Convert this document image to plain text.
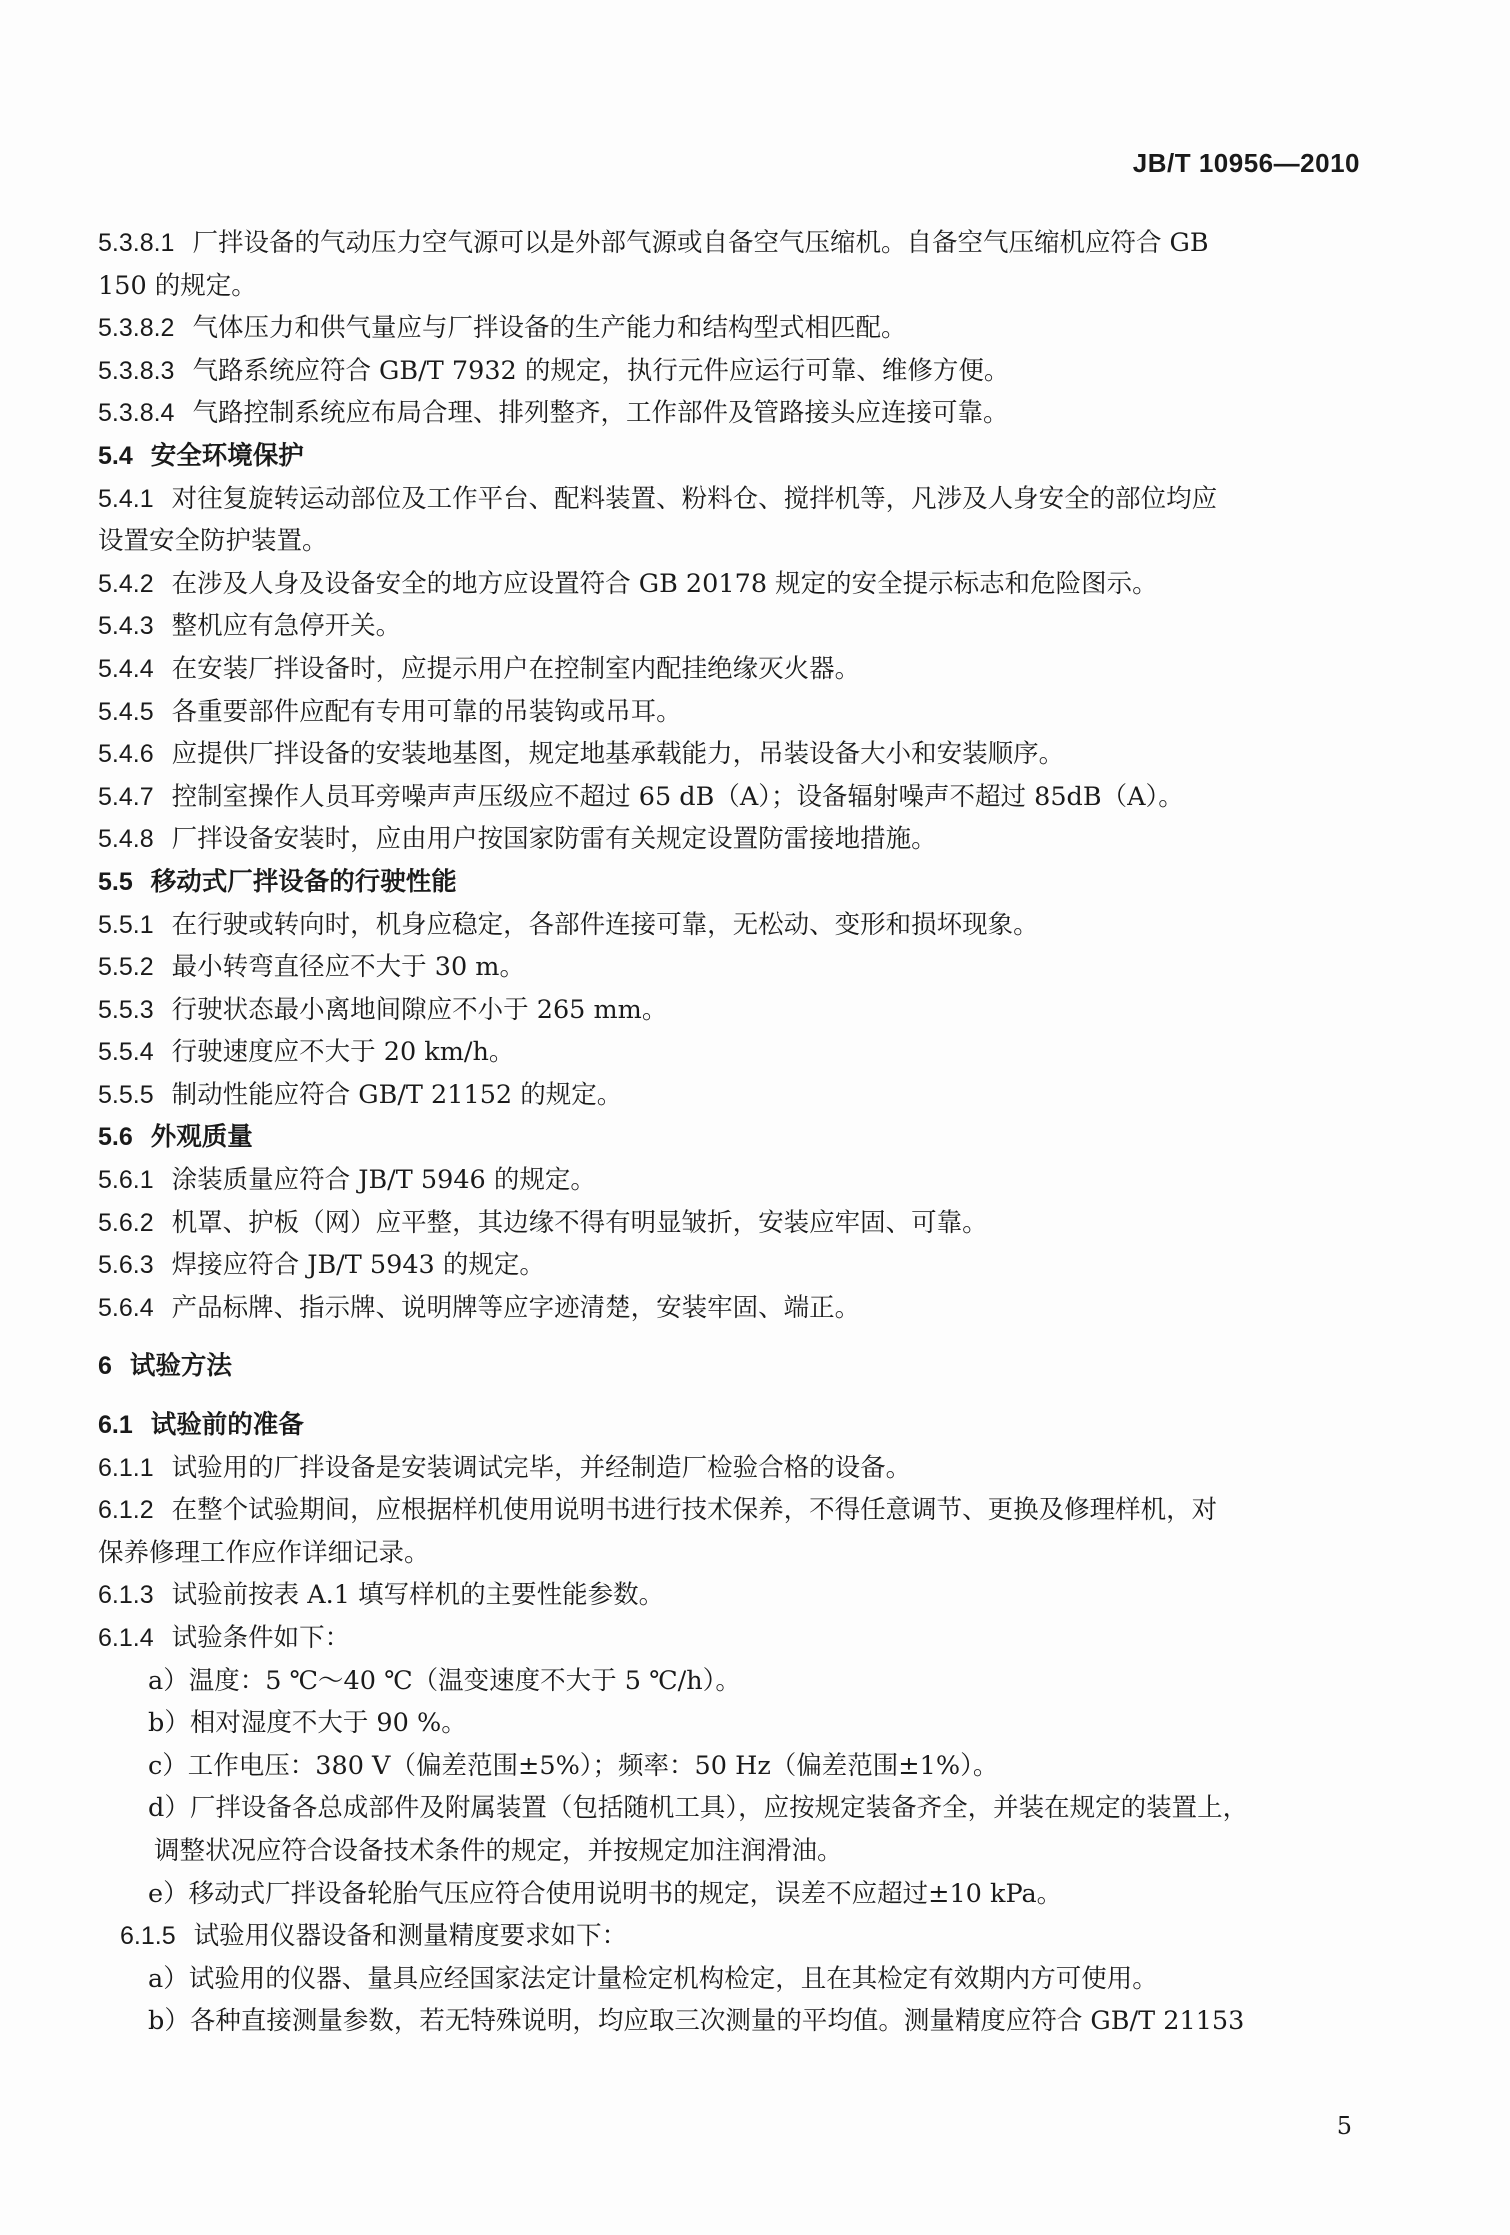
JB/T 10956—2010
5.3.8.1 厂拌设备的气动压力空气源可以是外部气源或自备空气压缩机。自备空气压缩机应符合 GB
150 的规定。
5.3.8.2 气体压力和供气量应与厂拌设备的生产能力和结构型式相匹配。
5.3.8.3 气路系统应符合 GB/T 7932 的规定，执行元件应运行可靠、维修方便。
5.3.8.4 气路控制系统应布局合理、排列整齐，工作部件及管路接头应连接可靠。
5.4 安全环境保护
5.4.1 对往复旋转运动部位及工作平台、配料装置、粉料仓、搅拌机等，凡涉及人身安全的部位均应
设置安全防护装置。
5.4.2 在涉及人身及设备安全的地方应设置符合 GB 20178 规定的安全提示标志和危险图示。
5.4.3 整机应有急停开关。
5.4.4 在安装厂拌设备时，应提示用户在控制室内配挂绝缘灭火器。
5.4.5 各重要部件应配有专用可靠的吊装钩或吊耳。
5.4.6 应提供厂拌设备的安装地基图，规定地基承载能力，吊装设备大小和安装顺序。
5.4.7 控制室操作人员耳旁噪声声压级应不超过 65 dB（A）；设备辐射噪声不超过 85dB（A）。
5.4.8 厂拌设备安装时，应由用户按国家防雷有关规定设置防雷接地措施。
5.5 移动式厂拌设备的行驶性能
5.5.1 在行驶或转向时，机身应稳定，各部件连接可靠，无松动、变形和损坏现象。
5.5.2 最小转弯直径应不大于 30 m。
5.5.3 行驶状态最小离地间隙应不小于 265 mm。
5.5.4 行驶速度应不大于 20 km/h。
5.5.5 制动性能应符合 GB/T 21152 的规定。
5.6 外观质量
5.6.1 涂装质量应符合 JB/T 5946 的规定。
5.6.2 机罩、护板（网）应平整，其边缘不得有明显皱折，安装应牢固、可靠。
5.6.3 焊接应符合 JB/T 5943 的规定。
5.6.4 产品标牌、指示牌、说明牌等应字迹清楚，安装牢固、端正。
6 试验方法
6.1 试验前的准备
6.1.1 试验用的厂拌设备是安装调试完毕，并经制造厂检验合格的设备。
6.1.2 在整个试验期间，应根据样机使用说明书进行技术保养，不得任意调节、更换及修理样机，对
保养修理工作应作详细记录。
6.1.3 试验前按表 A.1 填写样机的主要性能参数。
6.1.4 试验条件如下：
a）温度：5 ℃～40 ℃（温变速度不大于 5 ℃/h）。
b）相对湿度不大于 90 %。
c）工作电压：380 V（偏差范围±5%）；频率：50 Hz（偏差范围±1%）。
d）厂拌设备各总成部件及附属装置（包括随机工具），应按规定装备齐全，并装在规定的装置上，
调整状况应符合设备技术条件的规定，并按规定加注润滑油。
e）移动式厂拌设备轮胎气压应符合使用说明书的规定，误差不应超过±10 kPa。
6.1.5 试验用仪器设备和测量精度要求如下：
a）试验用的仪器、量具应经国家法定计量检定机构检定，且在其检定有效期内方可使用。
b）各种直接测量参数，若无特殊说明，均应取三次测量的平均值。测量精度应符合 GB/T 21153
5
